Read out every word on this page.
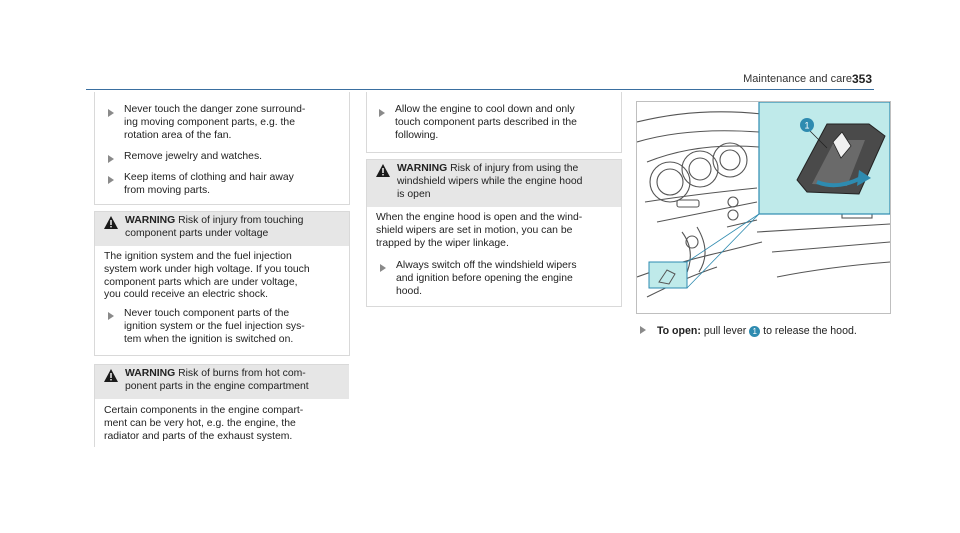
Maintenance and care 353
Never touch the danger zone surround-
ing moving component parts, e.g. the
rotation area of the fan.
Remove jewelry and watches.
Keep items of clothing and hair away
from moving parts.
WARNING Risk of injury from touching
component parts under voltage
The ignition system and the fuel injection
system work under high voltage. If you touch
component parts which are under voltage,
you could receive an electric shock.
Never touch component parts of the
ignition system or the fuel injection sys-
tem when the ignition is switched on.
WARNING Risk of burns from hot com-
ponent parts in the engine compartment
Certain components in the engine compart-
ment can be very hot, e.g. the engine, the
radiator and parts of the exhaust system.
Allow the engine to cool down and only
touch component parts described in the
following.
WARNING Risk of injury from using the
windshield wipers while the engine hood
is open
When the engine hood is open and the wind-
shield wipers are set in motion, you can be
trapped by the wiper linkage.
Always switch off the windshield wipers
and ignition before opening the engine
hood.
1
To open: pull lever 1 to release the hood.
